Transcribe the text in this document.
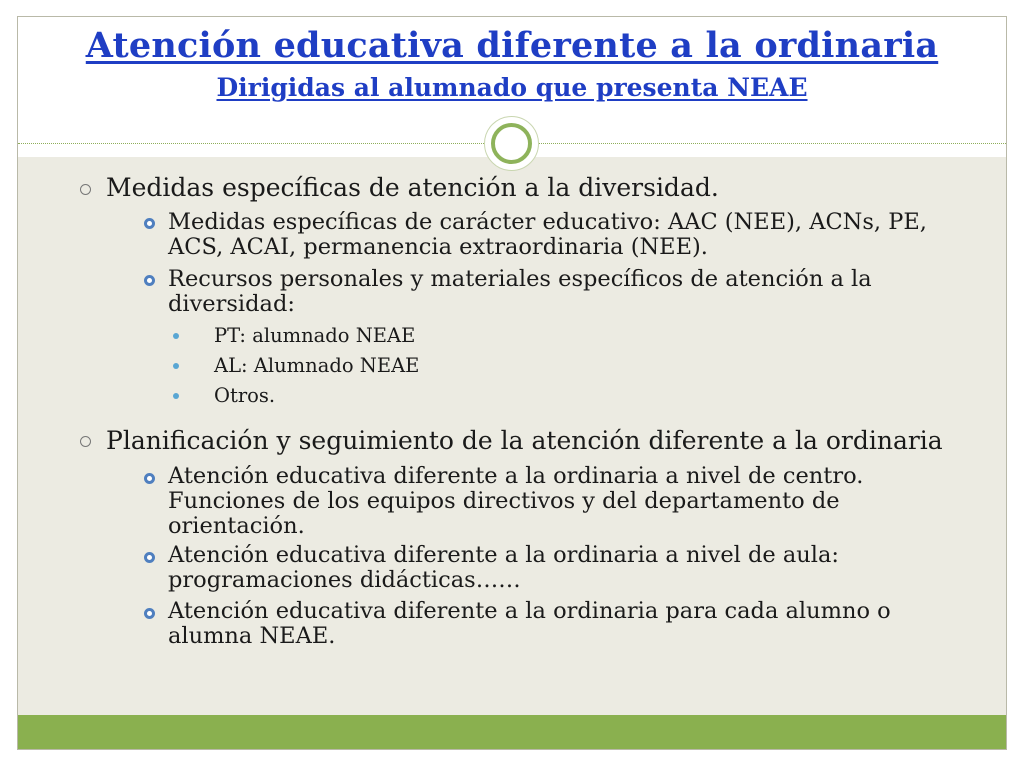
Atención educativa diferente a la ordinaria
Dirigidas al alumnado que presenta NEAE
Medidas específicas de atención a la diversidad.
Medidas específicas de carácter educativo: AAC (NEE), ACNs, PE, ACS, ACAI, permanencia extraordinaria (NEE).
Recursos personales y materiales específicos de atención a la diversidad:
PT: alumnado NEAE
AL: Alumnado NEAE
Otros.
Planificación y seguimiento de la atención diferente a la ordinaria
Atención educativa diferente a la ordinaria a nivel de centro. Funciones de los equipos directivos y del departamento de orientación.
Atención educativa diferente a la ordinaria a nivel de aula: programaciones didácticas……
Atención educativa diferente a la ordinaria para cada alumno o alumna NEAE.
